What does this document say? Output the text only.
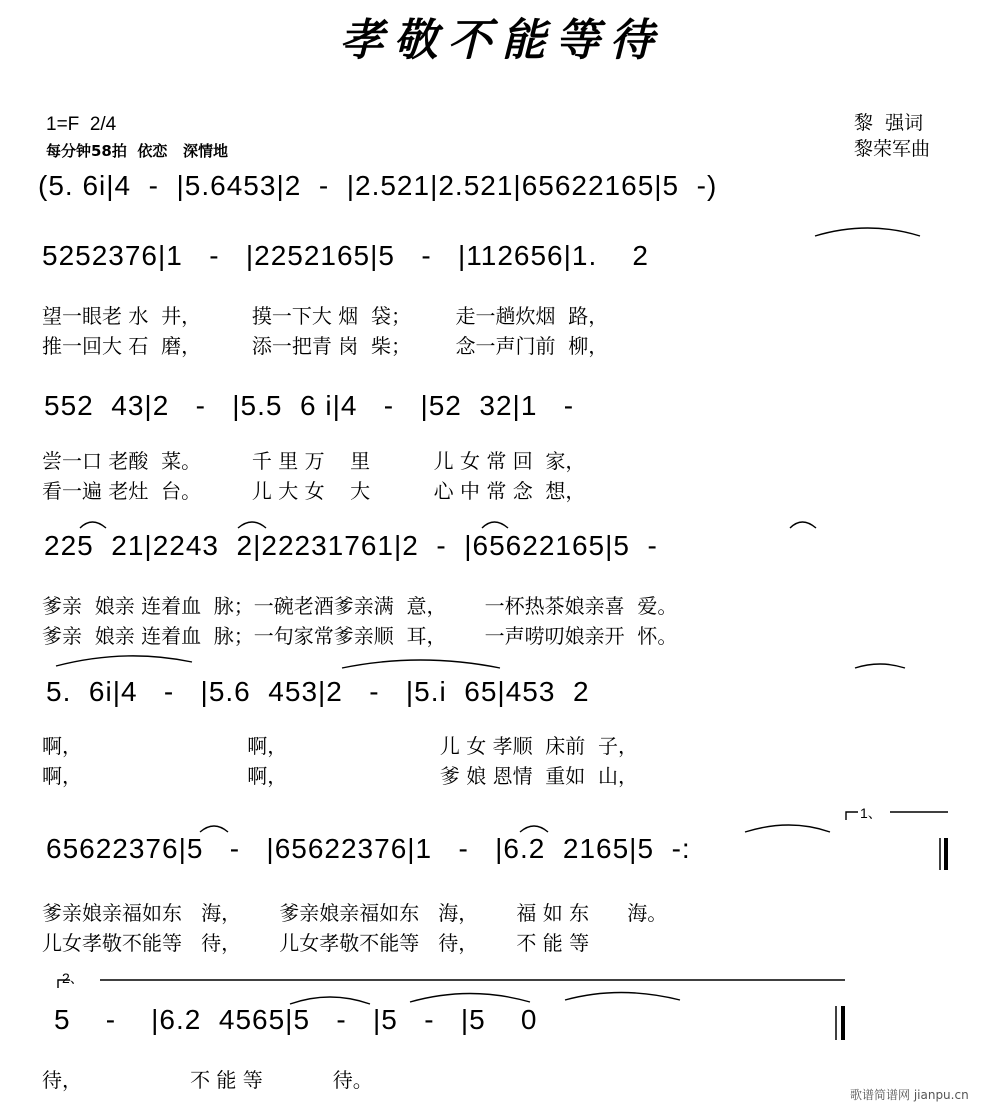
孝敬不能等待
1=F  2/4
每分钟58拍  依恋   深情地
黎  强词
黎荣军曲
(5. 6i|4  -  |5.6453|2  -  |2.521|2.521|65622165|5  -)
5252376|1   -   |2252165|5   -   |112656|1.    2
望一眼老 水  井，        摸一下大 烟  袋；       走一趟炊烟  路，
推一回大 石  磨，        添一把青 岗  柴；       念一声门前  柳，
552  43|2   -   |5.5  6 i|4   -   |52  32|1   -
尝一口 老酸  菜。        千 里 万    里          儿 女 常 回  家，
看一遍 老灶  台。        儿 大 女    大          心 中 常 念  想，
225  21|2243  2|22231761|2  -  |65622165|5  -
爹亲  娘亲 连着血  脉；一碗老酒爹亲满  意，      一杯热茶娘亲喜  爱。
爹亲  娘亲 连着血  脉；一句家常爹亲顺  耳，      一声唠叨娘亲开  怀。
5.  6i|4   -   |5.6  453|2   -   |5.i  65|453  2
啊，                          啊，                        儿 女 孝顺  床前  子，
啊，                          啊，                        爹 娘 恩情  重如  山，
1、
65622376|5   -   |65622376|1   -   |6.2  2165|5  -:
爹亲娘亲福如东   海，      爹亲娘亲福如东   海，      福 如 东      海。
儿女孝敬不能等   待，      儿女孝敬不能等   待，      不 能 等
2、
5    -    |6.2  4565|5   -   |5   -   |5    0
待，                 不 能 等           待。
歌谱简谱网 jianpu.cn
